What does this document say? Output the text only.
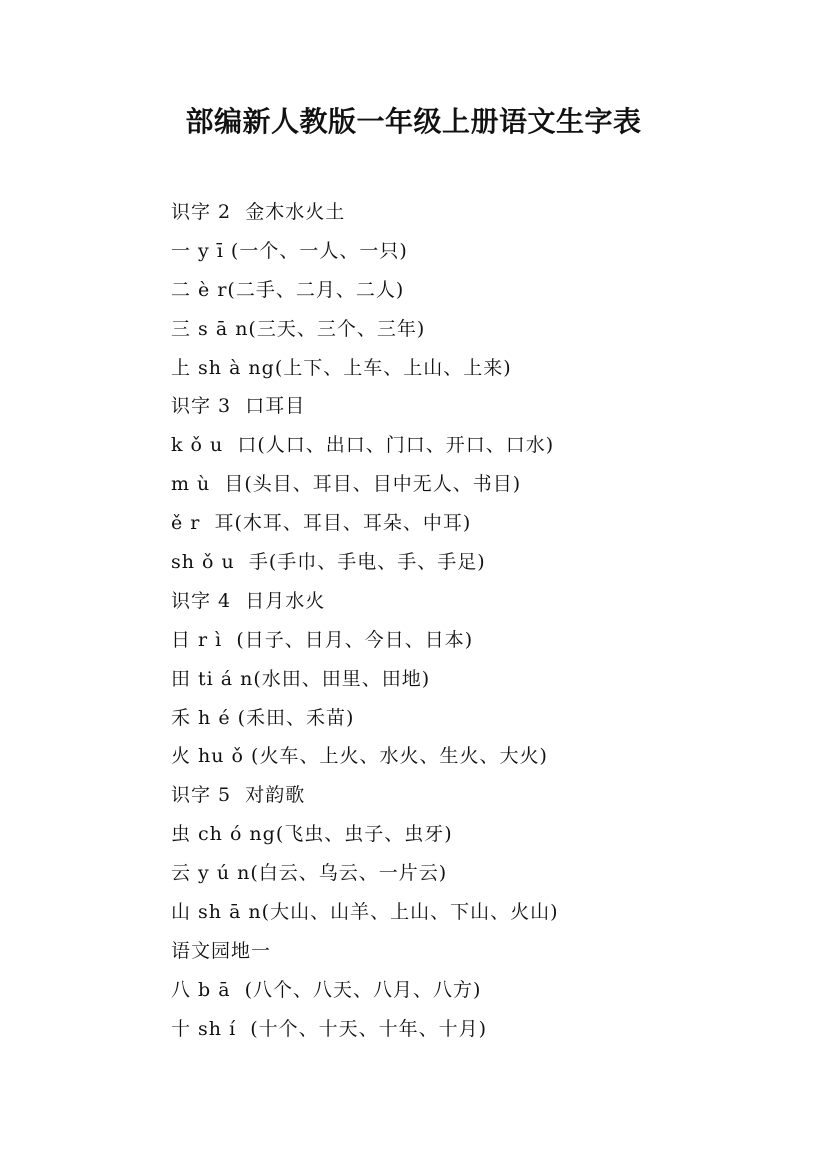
部编新人教版一年级上册语文生字表
识字 2  金木水火土
一 y ī (一个、一人、一只)
二 è r(二手、二月、二人)
三 s ā n(三天、三个、三年)
上 sh à ng(上下、上车、上山、上来)
识字 3  口耳目
k ǒ u  口(人口、出口、门口、开口、口水)
m ù  目(头目、耳目、目中无人、书目)
ě r  耳(木耳、耳目、耳朵、中耳)
sh ǒ u  手(手巾、手电、手、手足)
识字 4  日月水火
日 r ì  (日子、日月、今日、日本)
田 ti á n(水田、田里、田地)
禾 h é (禾田、禾苗)
火 hu ǒ (火车、上火、水火、生火、大火)
识字 5  对韵歌
虫 ch ó ng(飞虫、虫子、虫牙)
云 y ú n(白云、乌云、一片云)
山 sh ā n(大山、山羊、上山、下山、火山)
语文园地一
八 b ā  (八个、八天、八月、八方)
十 sh í  (十个、十天、十年、十月)
